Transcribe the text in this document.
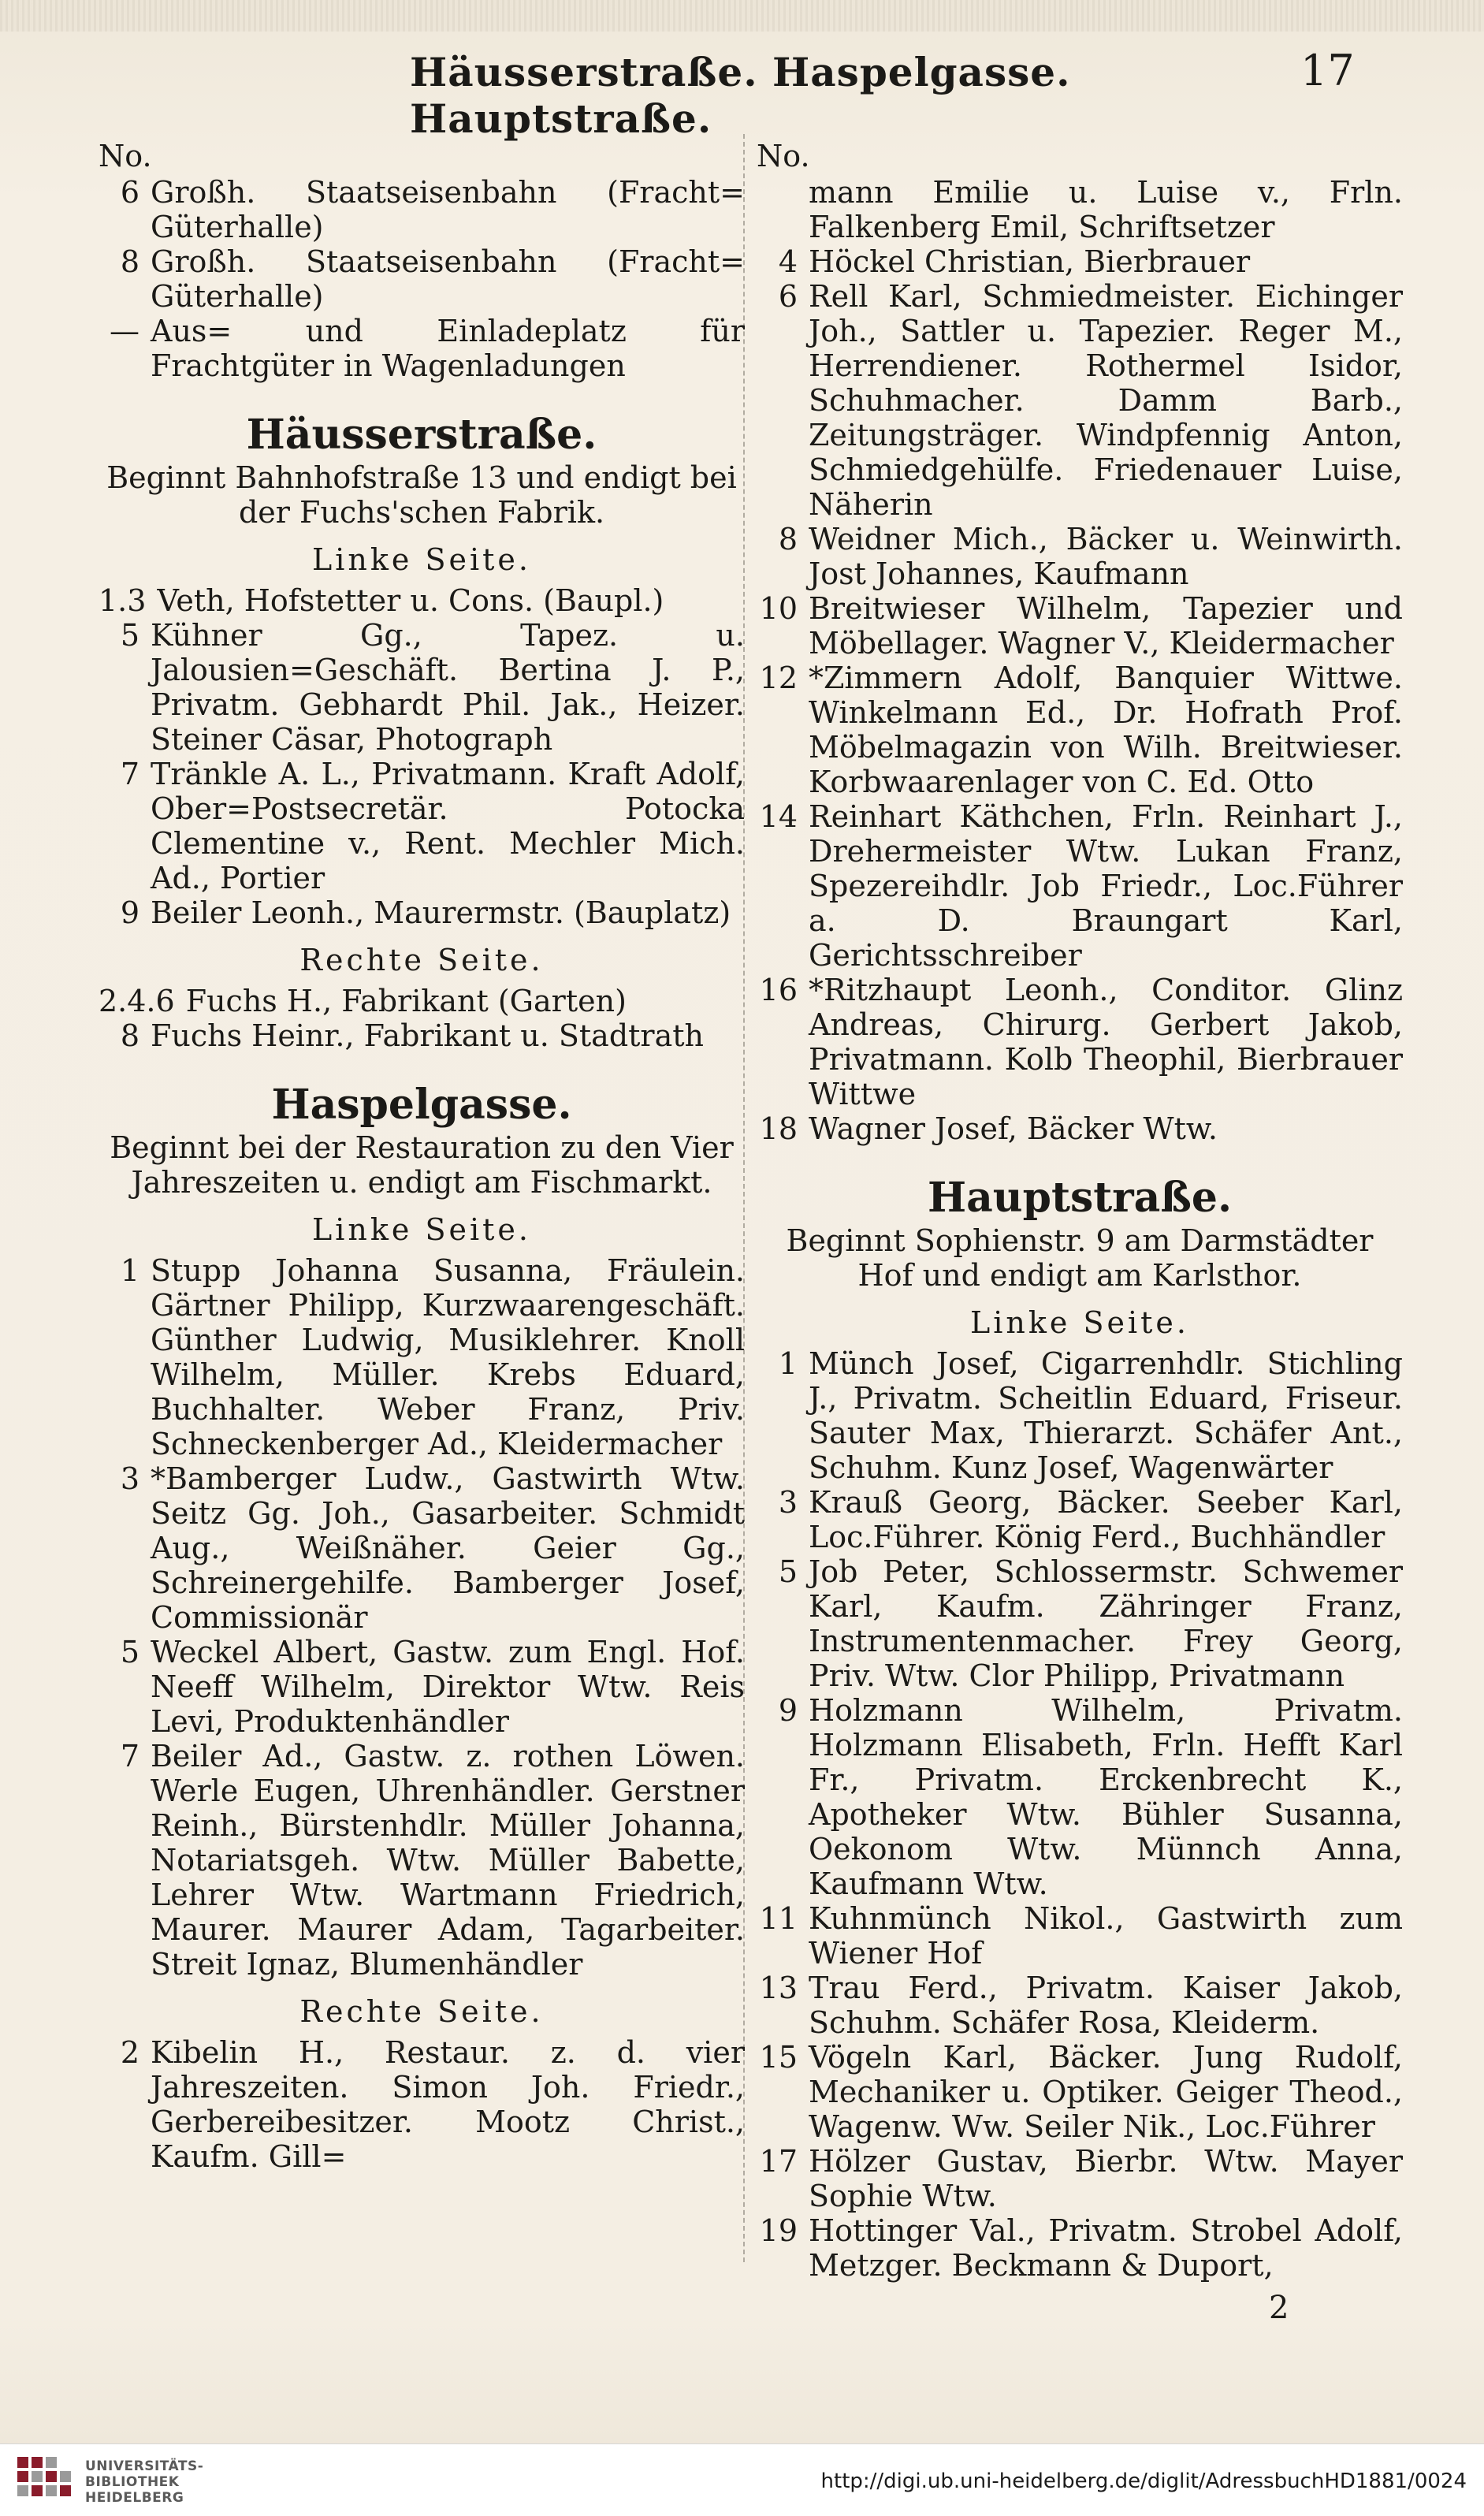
Häusserstraße. Haspelgasse. Hauptstraße.
17
No.
6 Großh. Staatseisenbahn (Fracht= Güterhalle)
8 Großh. Staatseisenbahn (Fracht= Güterhalle)
— Aus= und Einladeplatz für Frachtgüter in Wagenladungen
Häusserstraße.
Beginnt Bahnhofstraße 13 und endigt bei der Fuchs'schen Fabrik.
Linke Seite.
1.3 Veth, Hofstetter u. Cons. (Baupl.)
5 Kühner Gg., Tapez. u. Jalousien=Geschäft. Bertina J. P., Privatm. Gebhardt Phil. Jak., Heizer. Steiner Cäsar, Photograph
7 Tränkle A. L., Privatmann. Kraft Adolf, Ober=Postsecretär. Potocka Clementine v., Rent. Mechler Mich. Ad., Portier
9 Beiler Leonh., Maurermstr. (Bauplatz)
Rechte Seite.
2.4.6 Fuchs H., Fabrikant (Garten)
8 Fuchs Heinr., Fabrikant u. Stadtrath
Haspelgasse.
Beginnt bei der Restauration zu den Vier Jahreszeiten u. endigt am Fischmarkt.
Linke Seite.
1 Stupp Johanna Susanna, Fräulein. Gärtner Philipp, Kurzwaarengeschäft. Günther Ludwig, Musiklehrer. Knoll Wilhelm, Müller. Krebs Eduard, Buchhalter. Weber Franz, Priv. Schneckenberger Ad., Kleidermacher
3 *Bamberger Ludw., Gastwirth Wtw. Seitz Gg. Joh., Gasarbeiter. Schmidt Aug., Weißnäher. Geier Gg., Schreinergehilfe. Bamberger Josef, Commissionär
5 Weckel Albert, Gastw. zum Engl. Hof. Neeff Wilhelm, Direktor Wtw. Reis Levi, Produktenhändler
7 Beiler Ad., Gastw. z. rothen Löwen. Werle Eugen, Uhrenhändler. Gerstner Reinh., Bürstenhdlr. Müller Johanna, Notariatsgeh. Wtw. Müller Babette, Lehrer Wtw. Wartmann Friedrich, Maurer. Maurer Adam, Tagarbeiter. Streit Ignaz, Blumenhändler
Rechte Seite.
2 Kibelin H., Restaur. z. d. vier Jahreszeiten. Simon Joh. Friedr., Gerbereibesitzer. Mootz Christ., Kaufm. Gill=
No.
mann Emilie u. Luise v., Frln. Falkenberg Emil, Schriftsetzer
4 Höckel Christian, Bierbrauer
6 Rell Karl, Schmiedmeister. Eichinger Joh., Sattler u. Tapezier. Reger M., Herrendiener. Rothermel Isidor, Schuhmacher. Damm Barb., Zeitungsträger. Windpfennig Anton, Schmiedgehülfe. Friedenauer Luise, Näherin
8 Weidner Mich., Bäcker u. Weinwirth. Jost Johannes, Kaufmann
10 Breitwieser Wilhelm, Tapezier und Möbellager. Wagner V., Kleidermacher
12 *Zimmern Adolf, Banquier Wittwe. Winkelmann Ed., Dr. Hofrath Prof. Möbelmagazin von Wilh. Breitwieser. Korbwaarenlager von C. Ed. Otto
14 Reinhart Käthchen, Frln. Reinhart J., Drehermeister Wtw. Lukan Franz, Spezereihdlr. Job Friedr., Loc.Führer a. D. Braungart Karl, Gerichtsschreiber
16 *Ritzhaupt Leonh., Conditor. Glinz Andreas, Chirurg. Gerbert Jakob, Privatmann. Kolb Theophil, Bierbrauer Wittwe
18 Wagner Josef, Bäcker Wtw.
Hauptstraße.
Beginnt Sophienstr. 9 am Darmstädter Hof und endigt am Karlsthor.
Linke Seite.
1 Münch Josef, Cigarrenhdlr. Stichling J., Privatm. Scheitlin Eduard, Friseur. Sauter Max, Thierarzt. Schäfer Ant., Schuhm. Kunz Josef, Wagenwärter
3 Krauß Georg, Bäcker. Seeber Karl, Loc.Führer. König Ferd., Buchhändler
5 Job Peter, Schlossermstr. Schwemer Karl, Kaufm. Zähringer Franz, Instrumentenmacher. Frey Georg, Priv. Wtw. Clor Philipp, Privatmann
9 Holzmann Wilhelm, Privatm. Holzmann Elisabeth, Frln. Hefft Karl Fr., Privatm. Erckenbrecht K., Apotheker Wtw. Bühler Susanna, Oekonom Wtw. Münnch Anna, Kaufmann Wtw.
11 Kuhnmünch Nikol., Gastwirth zum Wiener Hof
13 Trau Ferd., Privatm. Kaiser Jakob, Schuhm. Schäfer Rosa, Kleiderm.
15 Vögeln Karl, Bäcker. Jung Rudolf, Mechaniker u. Optiker. Geiger Theod., Wagenw. Ww. Seiler Nik., Loc.Führer
17 Hölzer Gustav, Bierbr. Wtw. Mayer Sophie Wtw.
19 Hottinger Val., Privatm. Strobel Adolf, Metzger. Beckmann & Duport,
2
UNIVERSITÄTS-
BIBLIOTHEK
HEIDELBERG
http://digi.ub.uni-heidelberg.de/diglit/AdressbuchHD1881/0024
